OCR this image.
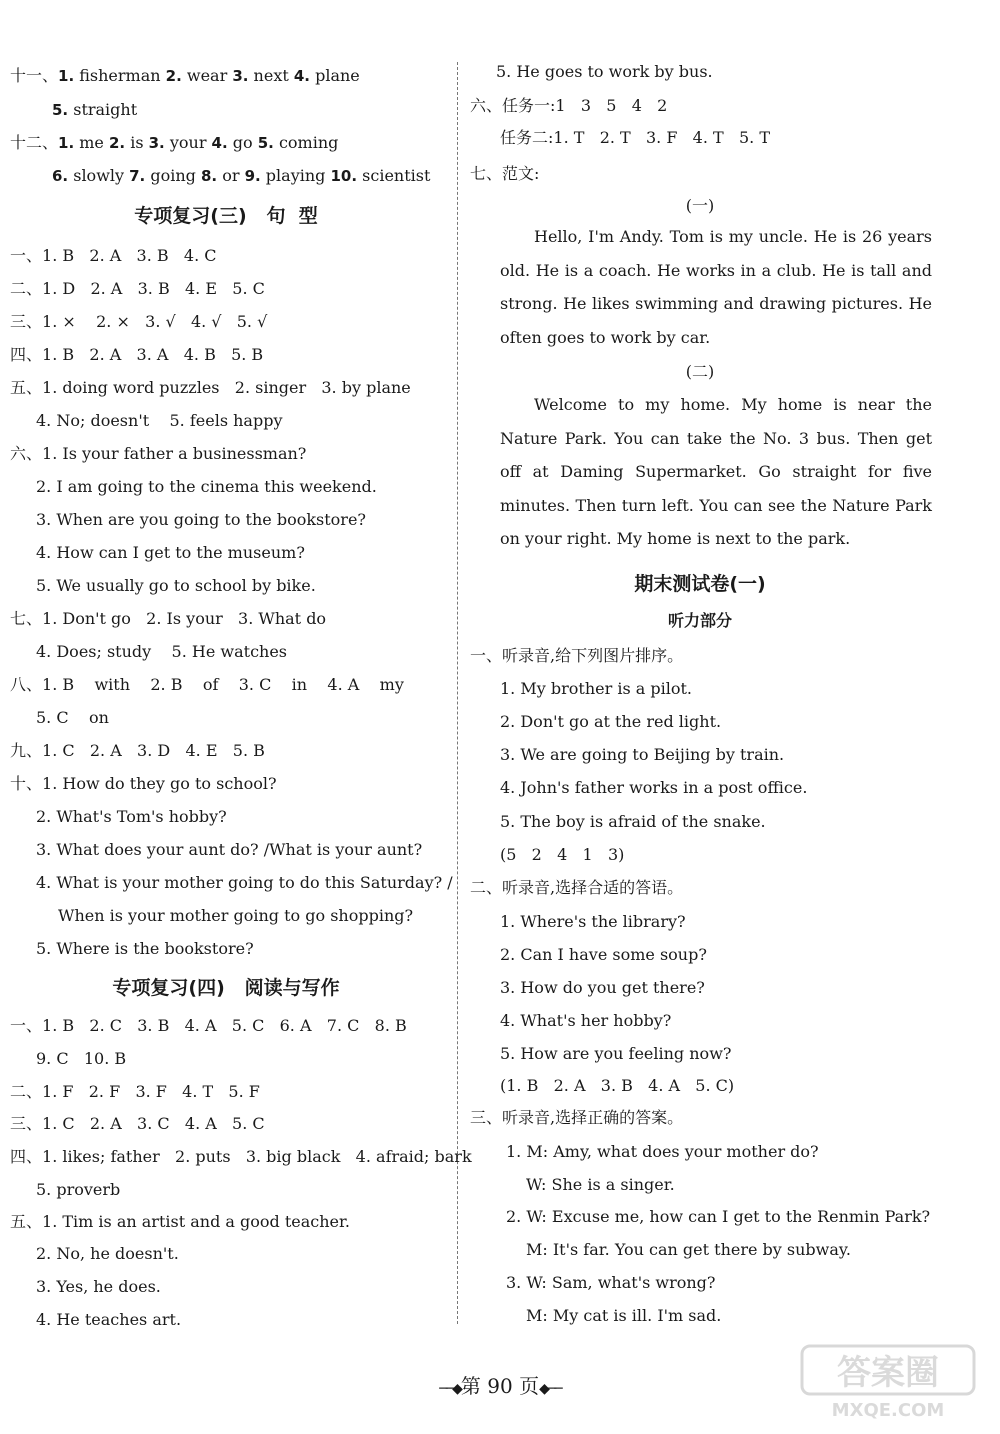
十一、1. fisherman 2. wear 3. next 4. plane
5. straight
十二、1. me 2. is 3. your 4. go 5. coming
6. slowly 7. going 8. or 9. playing 10. scientist
专项复习(三)   句  型
一、1. B   2. A   3. B   4. C
二、1. D   2. A   3. B   4. E   5. C
三、1. ×    2. ×   3. √   4. √   5. √
四、1. B   2. A   3. A   4. B   5. B
五、1. doing word puzzles   2. singer   3. by plane
4. No; doesn't    5. feels happy
六、1. Is your father a businessman?
2. I am going to the cinema this weekend.
3. When are you going to the bookstore?
4. How can I get to the museum?
5. We usually go to school by bike.
七、1. Don't go   2. Is your   3. What do
4. Does; study    5. He watches
八、1. B    with    2. B    of    3. C    in    4. A    my
5. C    on
九、1. C   2. A   3. D   4. E   5. B
十、1. How do they go to school?
2. What's Tom's hobby?
3. What does your aunt do? /What is your aunt?
4. What is your mother going to do this Saturday? /
When is your mother going to go shopping?
5. Where is the bookstore?
专项复习(四)   阅读与写作
一、1. B   2. C   3. B   4. A   5. C   6. A   7. C   8. B
9. C   10. B
二、1. F   2. F   3. F   4. T   5. F
三、1. C   2. A   3. C   4. A   5. C
四、1. likes; father   2. puts   3. big black   4. afraid; bark
5. proverb
五、1. Tim is an artist and a good teacher.
2. No, he doesn't.
3. Yes, he does.
4. He teaches art.
5. He goes to work by bus.
六、任务一:1   3   5   4   2
任务二:1. T   2. T   3. F   4. T   5. T
七、范文:
(一)
Hello, I'm Andy. Tom is my uncle. He is 26 years old. He is a coach. He works in a club. He is tall and strong. He likes swimming and drawing pictures. He often goes to work by car.
(二)
Welcome to my home. My home is near the Nature Park. You can take the No. 3 bus. Then get off at Daming Supermarket. Go straight for five minutes. Then turn left. You can see the Nature Park on your right. My home is next to the park.
期末测试卷(一)
听力部分
一、听录音,给下列图片排序。
1. My brother is a pilot.
2. Don't go at the red light.
3. We are going to Beijing by train.
4. John's father works in a post office.
5. The boy is afraid of the snake.
(5   2   4   1   3)
二、听录音,选择合适的答语。
1. Where's the library?
2. Can I have some soup?
3. How do you get there?
4. What's her hobby?
5. How are you feeling now?
(1. B   2. A   3. B   4. A   5. C)
三、听录音,选择正确的答案。
1. M: Amy, what does your mother do?
W: She is a singer.
2. W: Excuse me, how can I get to the Renmin Park?
M: It's far. You can get there by subway.
3. W: Sam, what's wrong?
M: My cat is ill. I'm sad.
──◆第 90 页◆──	答案圈
MXQE.COM
